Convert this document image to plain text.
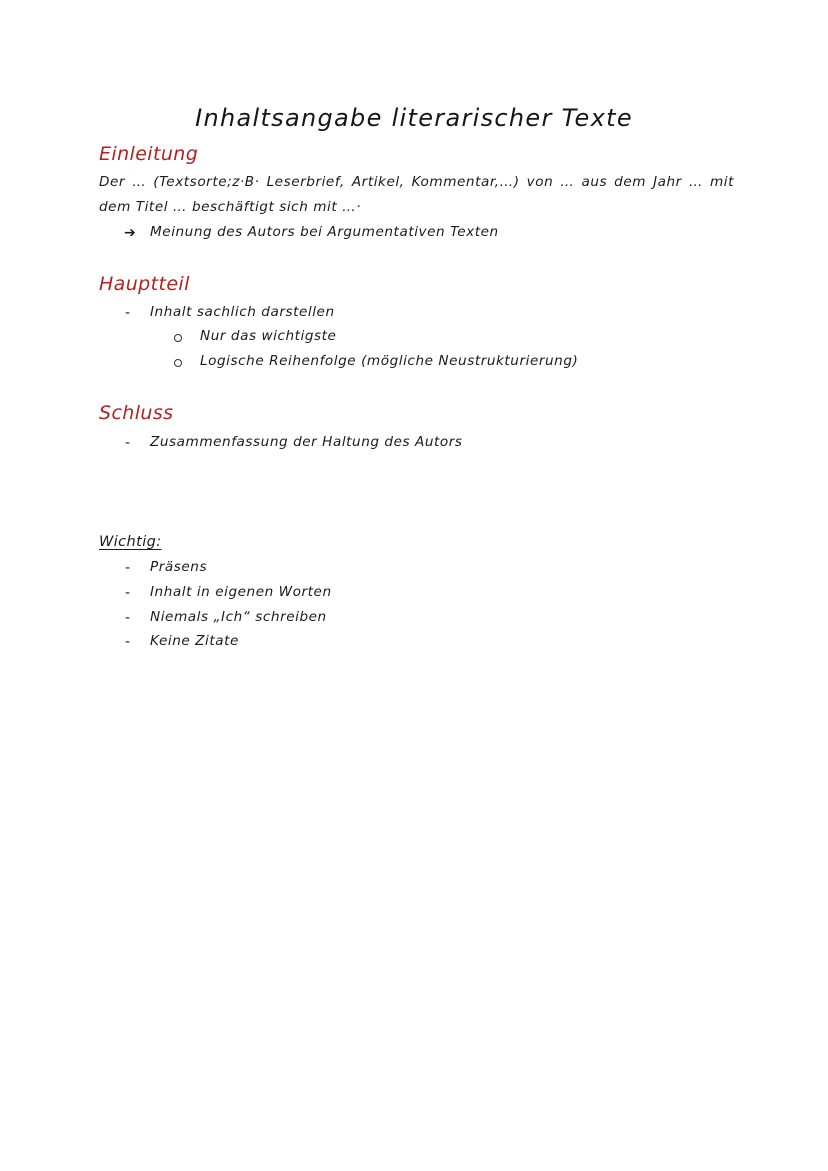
Inhaltsangabe literarischer Texte
Einleitung
Der … (Textsorte;z·B· Leserbrief, Artikel, Kommentar,…) von … aus dem Jahr … mit
dem Titel … beschäftigt sich mit …·
➔ Meinung des Autors bei Argumentativen Texten
Hauptteil
- Inhalt sachlich darstellen
Nur das wichtigste
Logische Reihenfolge (mögliche Neustrukturierung)
Schluss
- Zusammenfassung der Haltung des Autors
Wichtig:
- Präsens
- Inhalt in eigenen Worten
- Niemals „Ich“ schreiben
- Keine Zitate
